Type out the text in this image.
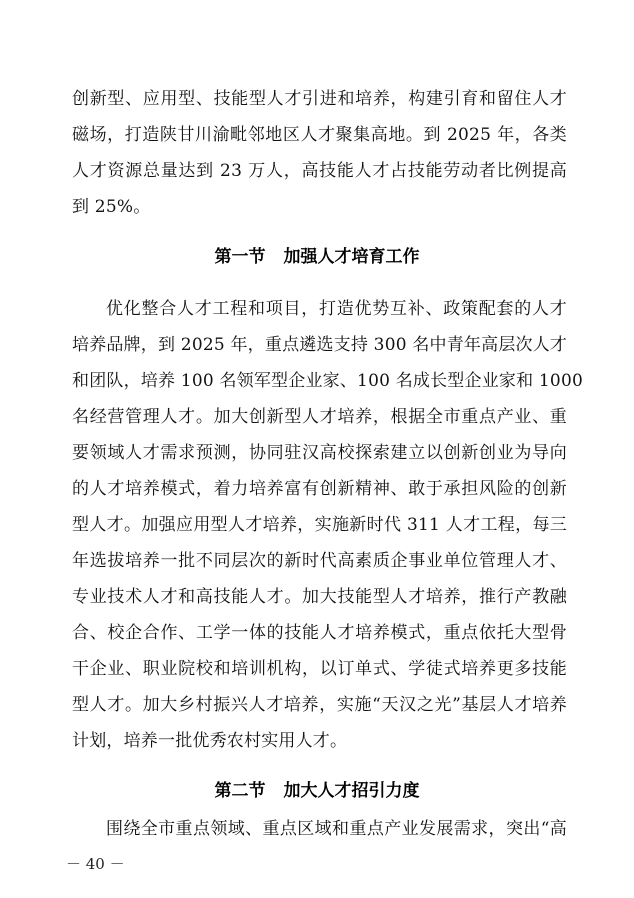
创新型、应用型、技能型人才引进和培养，构建引育和留住人才
磁场，打造陕甘川渝毗邻地区人才聚集高地。到 2025 年，各类
人才资源总量达到 23 万人，高技能人才占技能劳动者比例提高
到 25%。
第一节 加强人才培育工作
优化整合人才工程和项目，打造优势互补、政策配套的人才
培养品牌，到 2025 年，重点遴选支持 300 名中青年高层次人才
和团队，培养 100 名领军型企业家、100 名成长型企业家和 1000
名经营管理人才。加大创新型人才培养，根据全市重点产业、重
要领域人才需求预测，协同驻汉高校探索建立以创新创业为导向
的人才培养模式，着力培养富有创新精神、敢于承担风险的创新
型人才。加强应用型人才培养，实施新时代 311 人才工程，每三
年选拔培养一批不同层次的新时代高素质企事业单位管理人才、
专业技术人才和高技能人才。加大技能型人才培养，推行产教融
合、校企合作、工学一体的技能人才培养模式，重点依托大型骨
干企业、职业院校和培训机构，以订单式、学徒式培养更多技能
型人才。加大乡村振兴人才培养，实施“天汉之光”基层人才培养
计划，培养一批优秀农村实用人才。
第二节 加大人才招引力度
－ 40 －
围绕全市重点领域、重点区域和重点产业发展需求，突出“高
